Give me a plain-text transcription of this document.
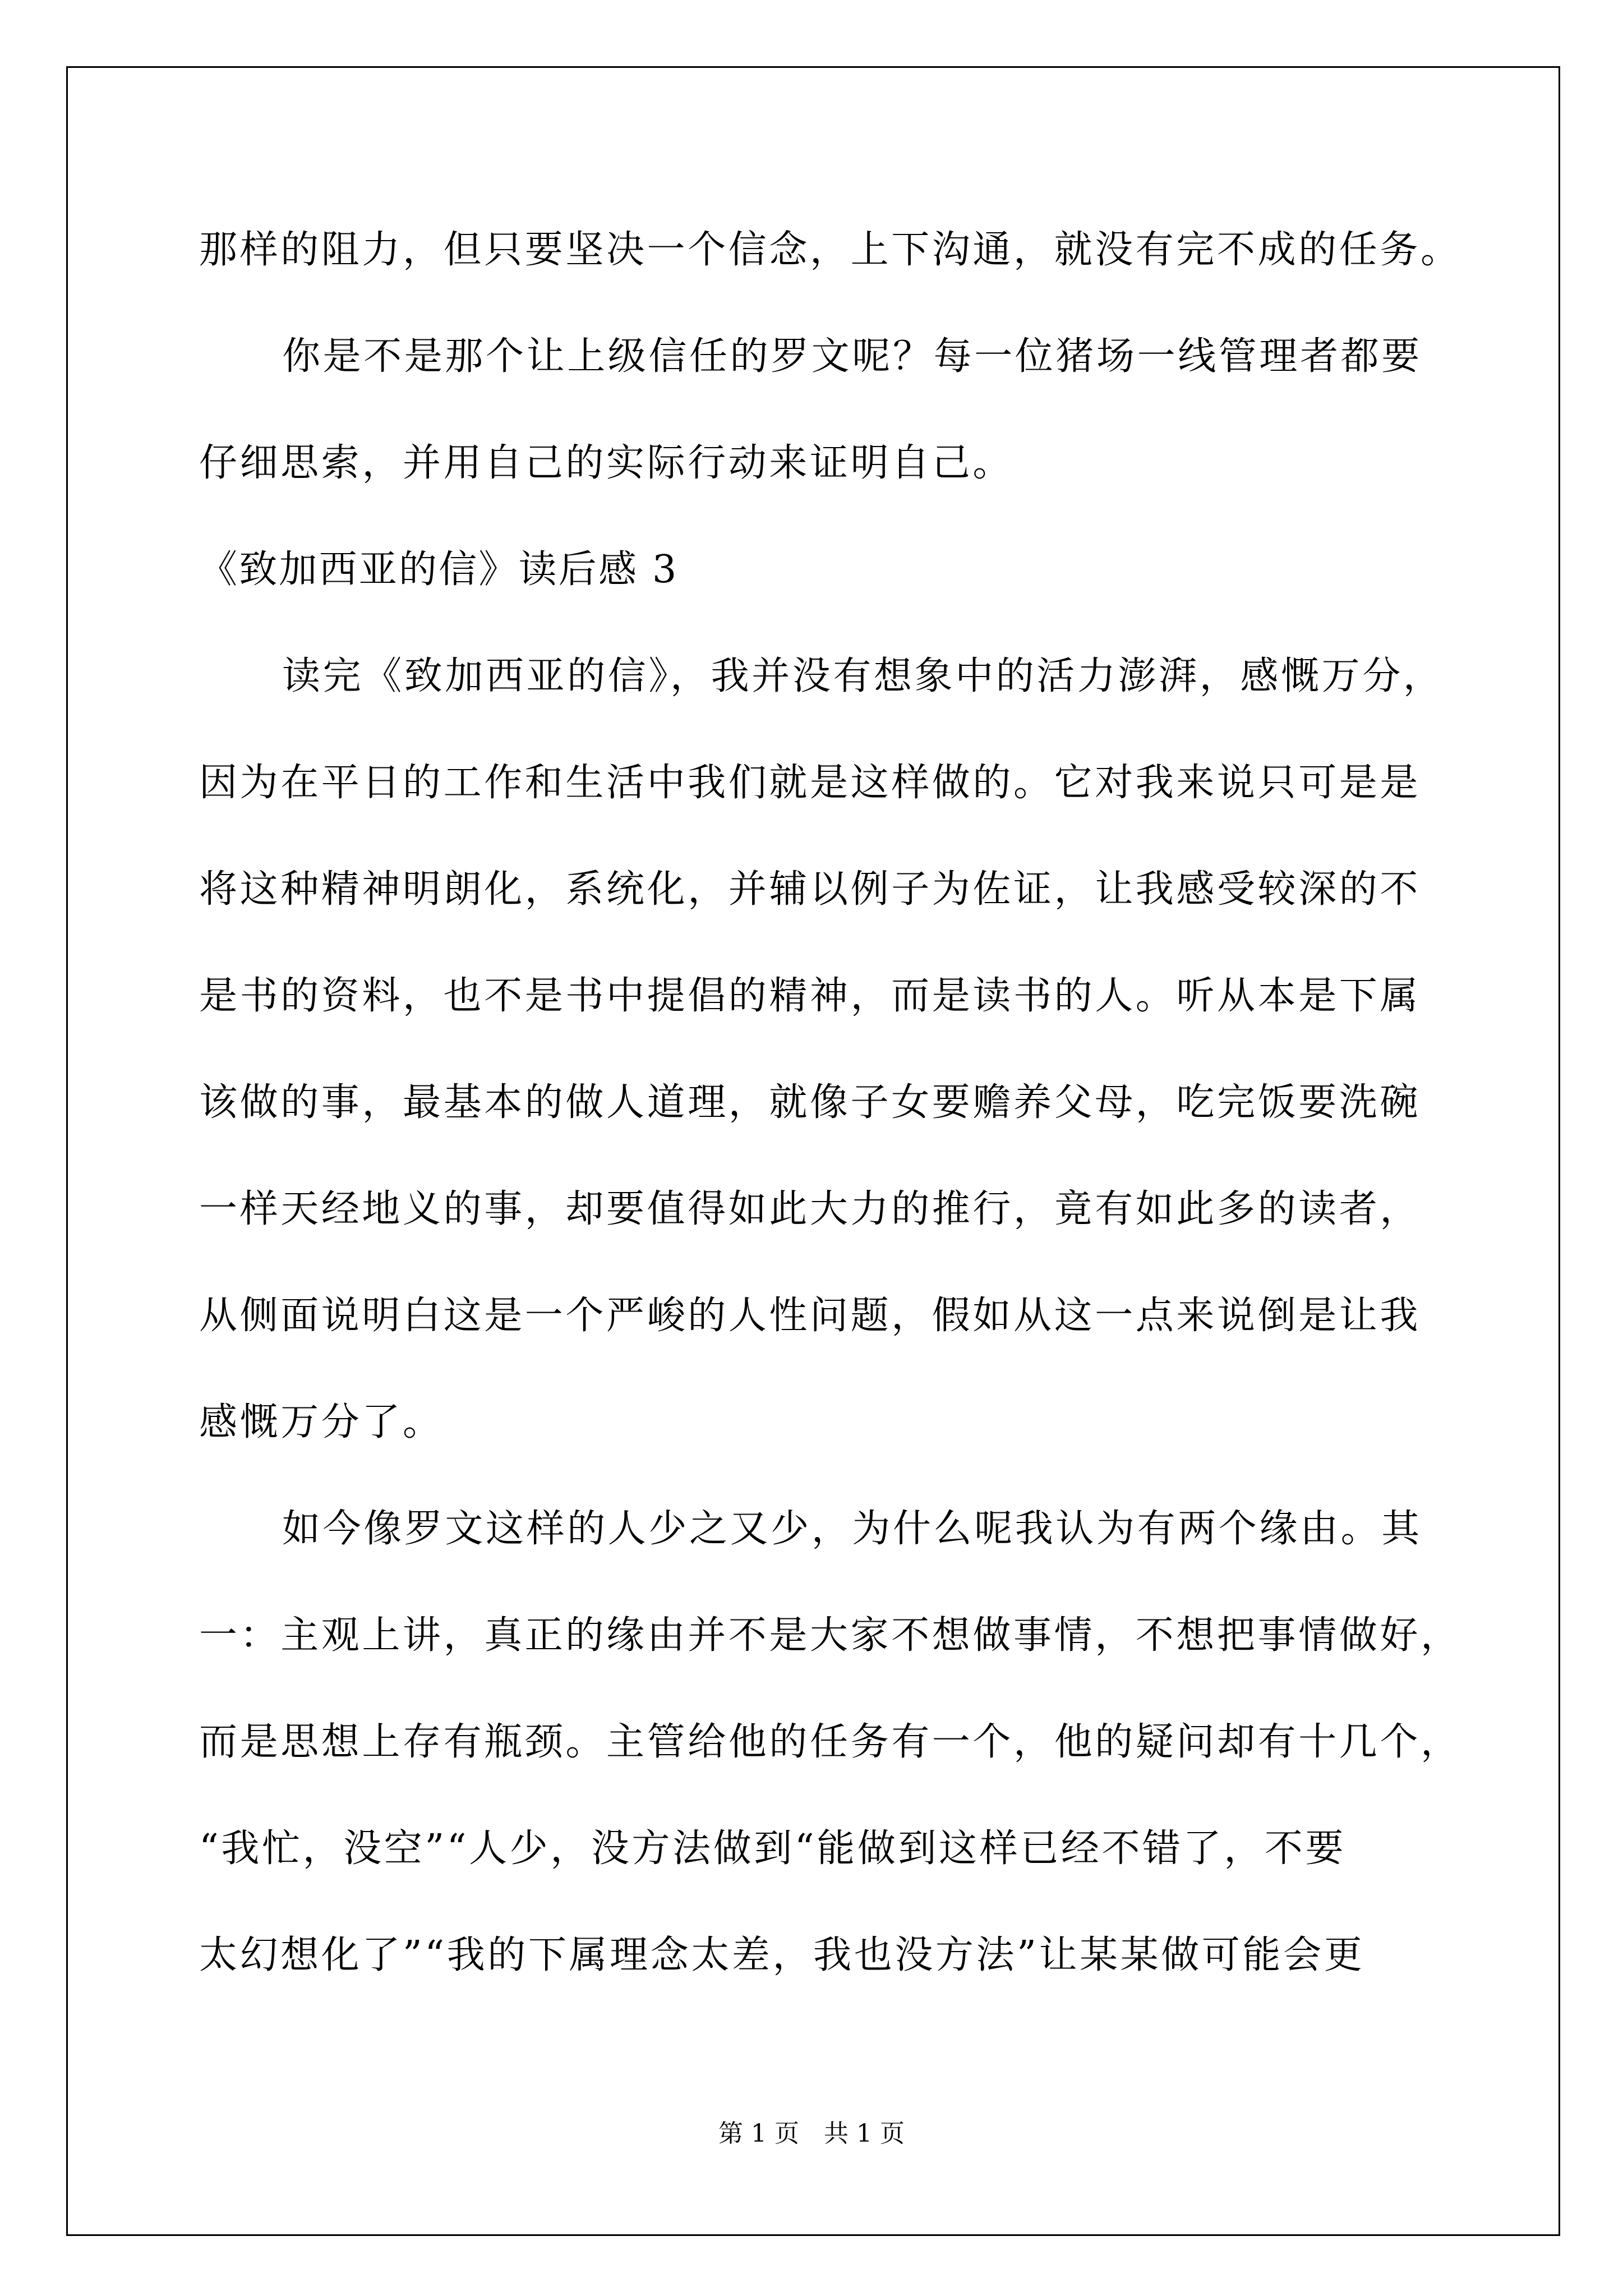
那样的阻力，但只要坚决一个信念，上下沟通，就没有完不成的任务。
你是不是那个让上级信任的罗文呢？每一位猪场一线管理者都要
仔细思索，并用自己的实际行动来证明自己。
《致加西亚的信》读后感 3
读完《致加西亚的信》，我并没有想象中的活力澎湃，感慨万分，
因为在平日的工作和生活中我们就是这样做的。它对我来说只可是是
将这种精神明朗化，系统化，并辅以例子为佐证，让我感受较深的不
是书的资料，也不是书中提倡的精神，而是读书的人。听从本是下属
该做的事，最基本的做人道理，就像子女要赡养父母，吃完饭要洗碗
一样天经地义的事，却要值得如此大力的推行，竟有如此多的读者，
从侧面说明白这是一个严峻的人性问题，假如从这一点来说倒是让我
感慨万分了。
如今像罗文这样的人少之又少，为什么呢我认为有两个缘由。其
一：主观上讲，真正的缘由并不是大家不想做事情，不想把事情做好，
而是思想上存有瓶颈。主管给他的任务有一个，他的疑问却有十几个，
“我忙，没空”“人少，没方法做到“能做到这样已经不错了，不要
太幻想化了”“我的下属理念太差，我也没方法”让某某做可能会更
第 1 页　共 1 页
